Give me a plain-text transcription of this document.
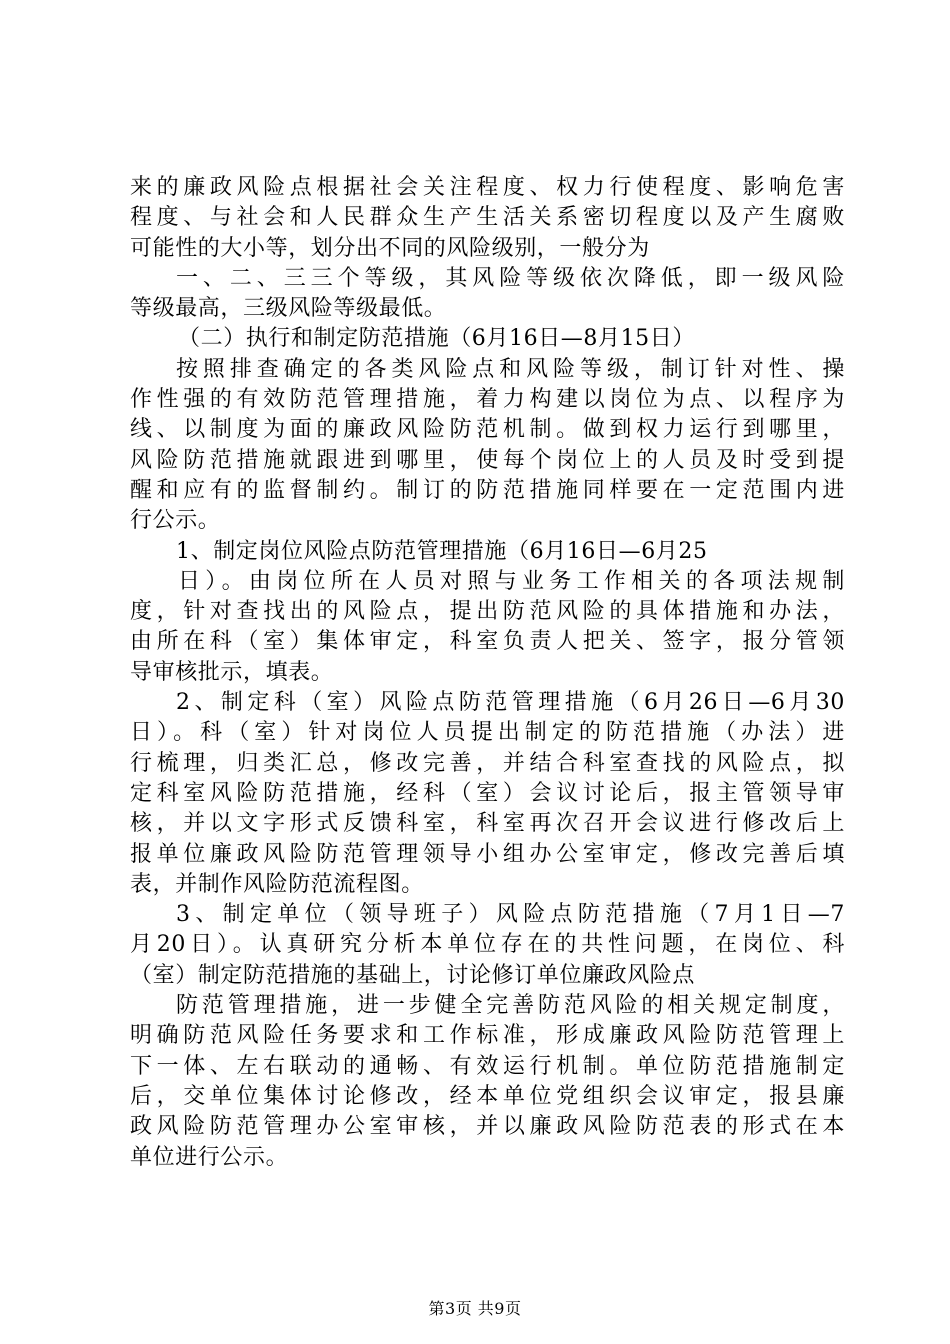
来的廉政风险点根据社会关注程度、权力行使程度、影响危害
程度、与社会和人民群众生产生活关系密切程度以及产生腐败
可能性的大小等，划分出不同的风险级别，一般分为
一、二、三三个等级，其风险等级依次降低，即一级风险
等级最高，三级风险等级最低。
（二）执行和制定防范措施（6月16日—8月15日）
按照排查确定的各类风险点和风险等级，制订针对性、操
作性强的有效防范管理措施，着力构建以岗位为点、以程序为
线、以制度为面的廉政风险防范机制。做到权力运行到哪里，
风险防范措施就跟进到哪里，使每个岗位上的人员及时受到提
醒和应有的监督制约。制订的防范措施同样要在一定范围内进
行公示。
1、制定岗位风险点防范管理措施（6月16日—6月25
日）。由岗位所在人员对照与业务工作相关的各项法规制
度，针对查找出的风险点，提出防范风险的具体措施和办法，
由所在科（室）集体审定，科室负责人把关、签字，报分管领
导审核批示，填表。
2、制定科（室）风险点防范管理措施（6月26日—6月30
日）。科（室）针对岗位人员提出制定的防范措施（办法）进
行梳理，归类汇总，修改完善，并结合科室查找的风险点，拟
定科室风险防范措施，经科（室）会议讨论后，报主管领导审
核，并以文字形式反馈科室，科室再次召开会议进行修改后上
报单位廉政风险防范管理领导小组办公室审定，修改完善后填
表，并制作风险防范流程图。
3、制定单位（领导班子）风险点防范措施（7月1日—7
月20日）。认真研究分析本单位存在的共性问题，在岗位、科
（室）制定防范措施的基础上，讨论修订单位廉政风险点
防范管理措施，进一步健全完善防范风险的相关规定制度，
明确防范风险任务要求和工作标准，形成廉政风险防范管理上
下一体、左右联动的通畅、有效运行机制。单位防范措施制定
后，交单位集体讨论修改，经本单位党组织会议审定，报县廉
政风险防范管理办公室审核，并以廉政风险防范表的形式在本
单位进行公示。
第3页 共9页
